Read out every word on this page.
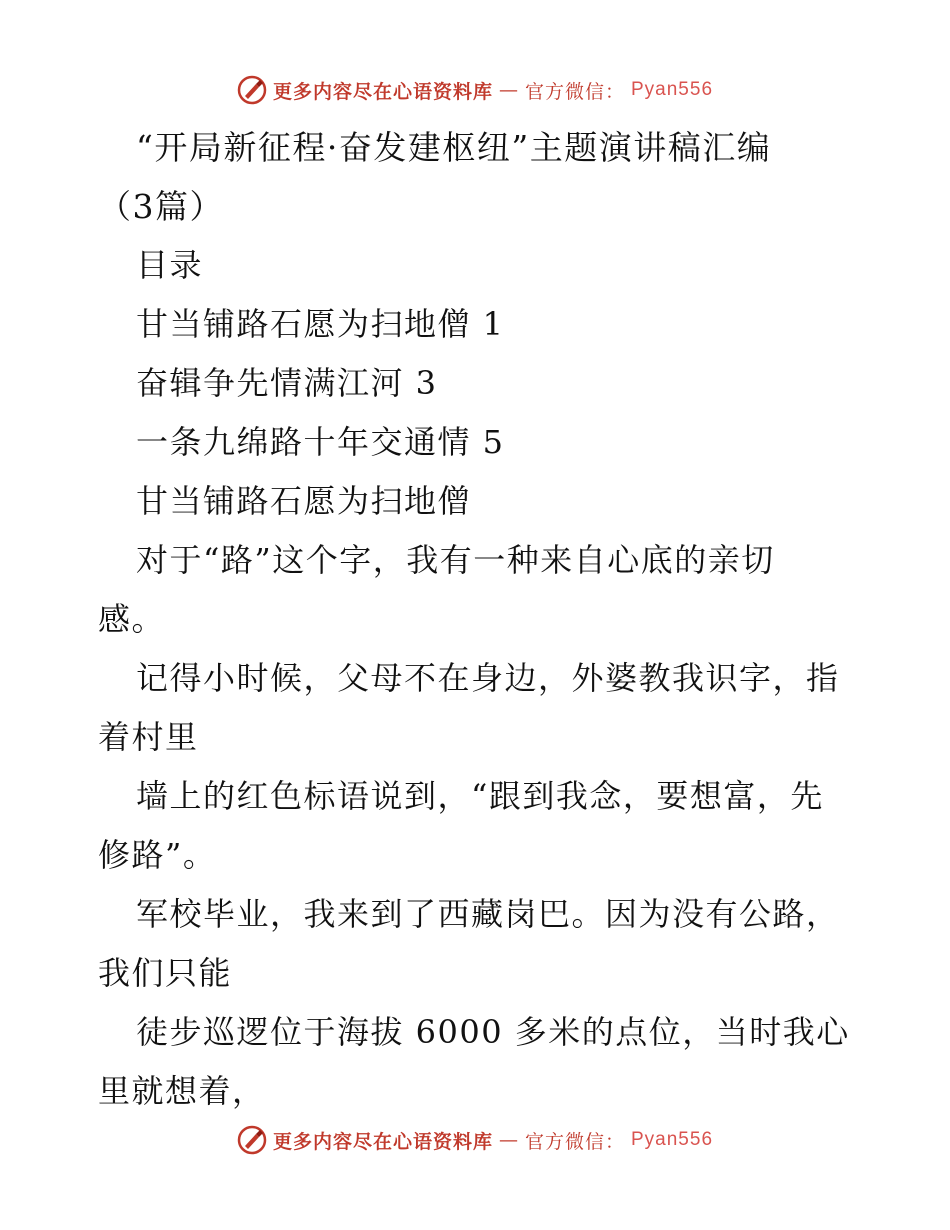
更多内容尽在心语资料库 — 官方微信： Pyan556
“开局新征程·奋发建枢纽”主题演讲稿汇编
（3篇）
目录
甘当铺路石愿为扫地僧 1
奋辑争先情满江河 3
一条九绵路十年交通情 5
甘当铺路石愿为扫地僧
对于“路”这个字，我有一种来自心底的亲切
感。
记得小时候，父母不在身边，外婆教我识字，指
着村里
墙上的红色标语说到，“跟到我念，要想富，先
修路”。
军校毕业，我来到了西藏岗巴。因为没有公路，
我们只能
徒步巡逻位于海拔 6000 多米的点位，当时我心
里就想着，
更多内容尽在心语资料库 — 官方微信： Pyan556
